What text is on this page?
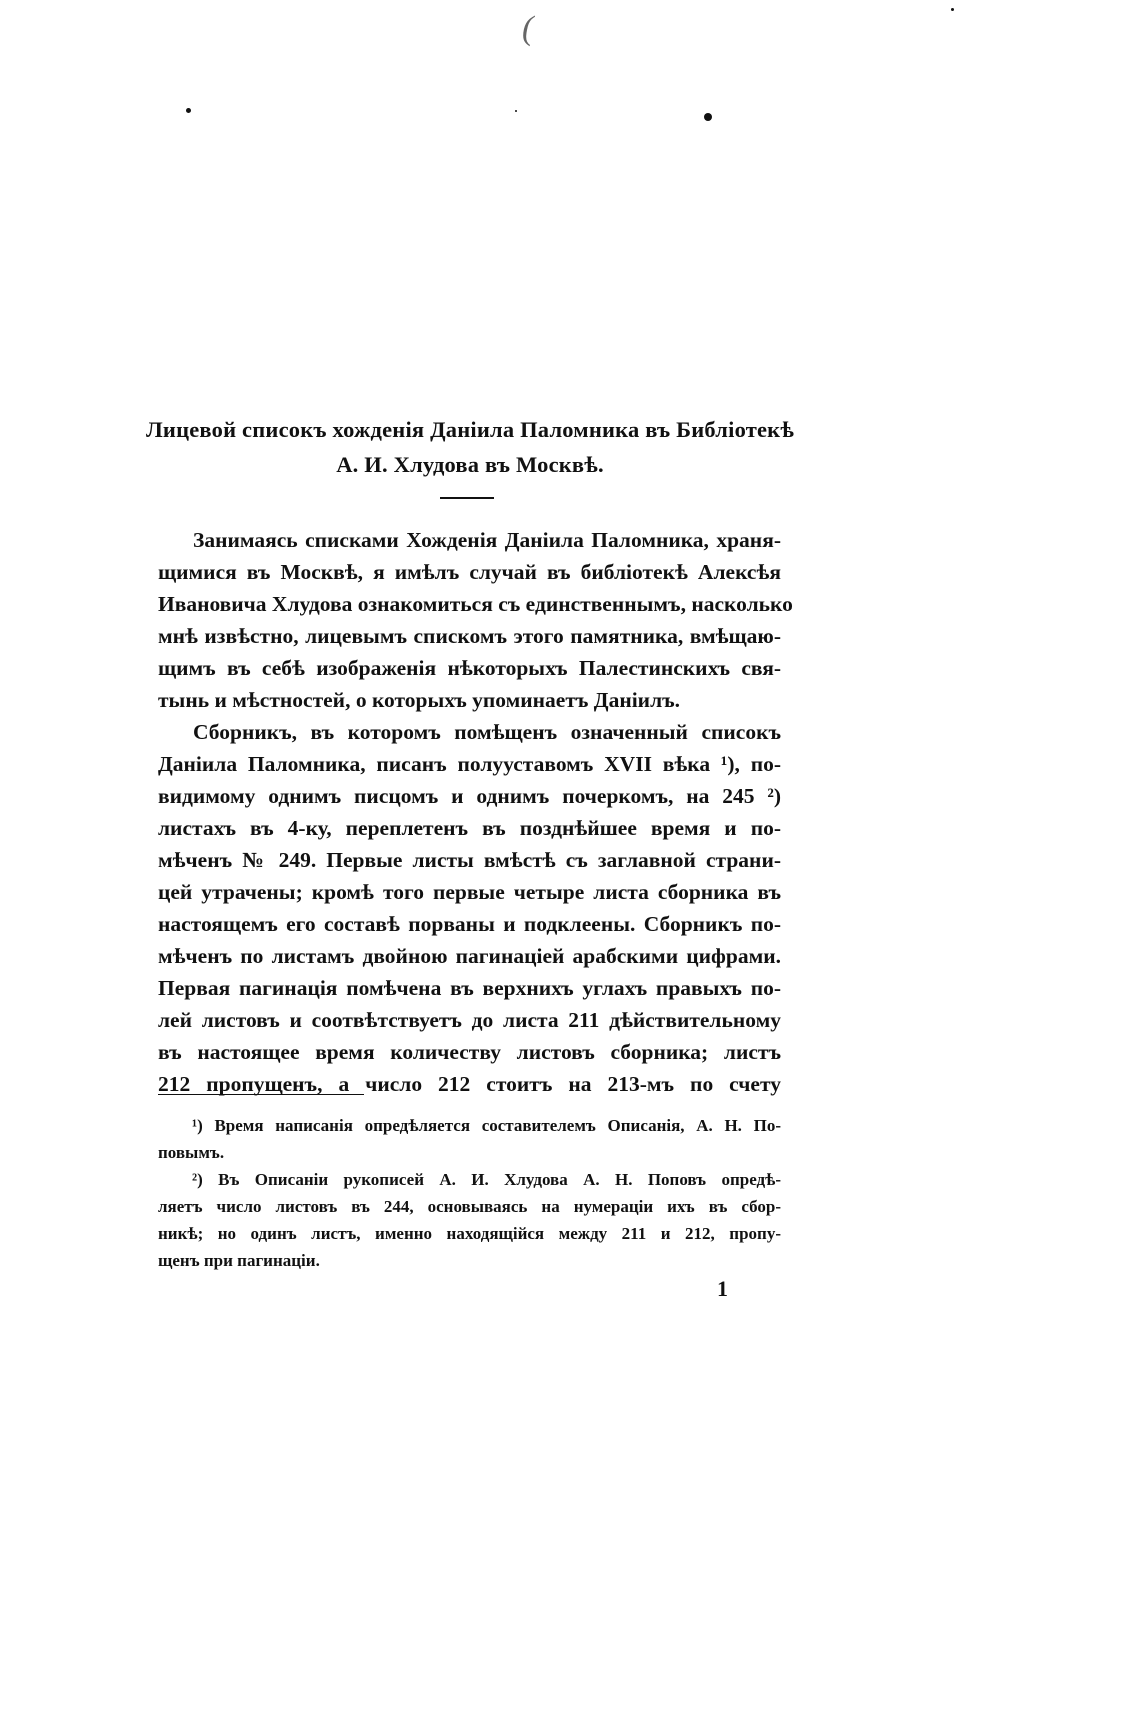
(
Лицевой списокъ хожденія Даніила Паломника въ Библіотекѣ
А. И. Хлудова въ Москвѣ.
Занимаясь списками Хожденія Даніила Паломника, храня-
щимися въ Москвѣ, я имѣлъ случай въ библіотекѣ Алексѣя
Ивановича Хлудова ознакомиться съ единственнымъ, насколько
мнѣ извѣстно, лицевымъ спискомъ этого памятника, вмѣщаю-
щимъ въ себѣ изображенія нѣкоторыхъ Палестинскихъ свя-
тынь и мѣстностей, о которыхъ упоминаетъ Даніилъ.
Сборникъ, въ которомъ помѣщенъ означенный списокъ
Даніила Паломника, писанъ полууставомъ XVII вѣка ¹), по-
видимому однимъ писцомъ и однимъ почеркомъ, на 245 ²)
листахъ въ 4-ку, переплетенъ въ позднѣйшее время и по-
мѣченъ № 249. Первые листы вмѣстѣ съ заглавной страни-
цей утрачены; кромѣ того первые четыре листа сборника въ
настоящемъ его составѣ порваны и подклеены. Сборникъ по-
мѣченъ по листамъ двойною пагинаціей арабскими цифрами.
Первая пагинація помѣчена въ верхнихъ углахъ правыхъ по-
лей листовъ и соотвѣтствуетъ до листа 211 дѣйствительному
въ настоящее время количеству листовъ сборника; листъ
212 пропущенъ, а число 212 стоитъ на 213-мъ по счету
¹) Время написанія опредѣляется составителемъ Описанія, А. Н. По-
повымъ.
²) Въ Описаніи рукописей А. И. Хлудова А. Н. Поповъ опредѣ-
ляетъ число листовъ въ 244, основываясь на нумераціи ихъ въ сбор-
никѣ; но одинъ листъ, именно находящійся между 211 и 212, пропу-
щенъ при пагинаціи.
1
